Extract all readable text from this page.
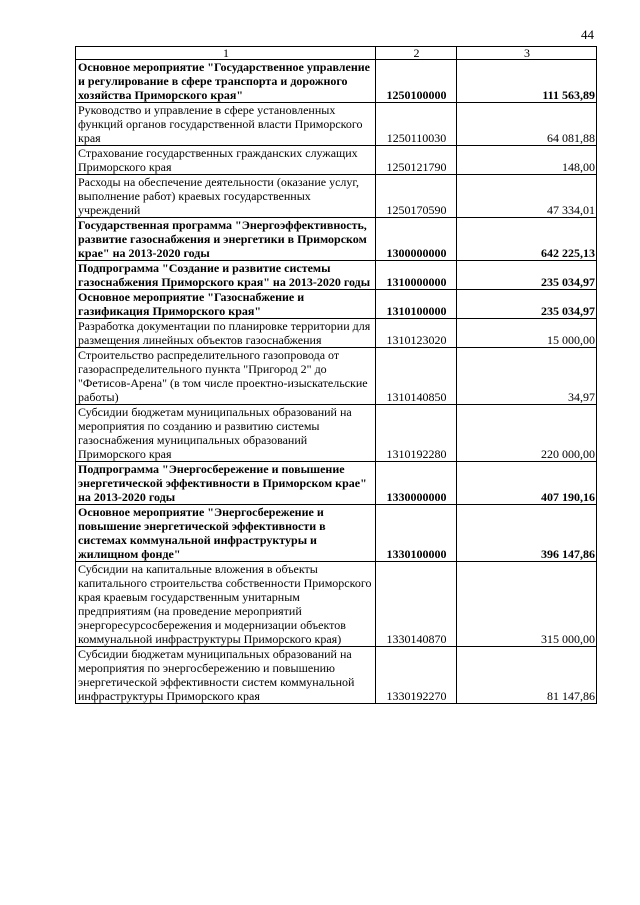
44
1	2	3
Основное мероприятие "Государственное управление и регулирование в сфере транспорта и дорожного хозяйства Приморского края"	1250100000	111 563,89
Руководство и управление в сфере установленных функций органов государственной власти Приморского края	1250110030	64 081,88
Страхование государственных гражданских служащих Приморского края	1250121790	148,00
Расходы на обеспечение деятельности (оказание услуг, выполнение работ) краевых государственных учреждений	1250170590	47 334,01
Государственная программа "Энергоэффективность, развитие газоснабжения и энергетики в Приморском крае" на 2013-2020 годы	1300000000	642 225,13
Подпрограмма "Создание и развитие системы газоснабжения Приморского края" на 2013-2020 годы	1310000000	235 034,97
Основное мероприятие "Газоснабжение и газификация Приморского края"	1310100000	235 034,97
Разработка документации по планировке территории для размещения линейных объектов газоснабжения	1310123020	15 000,00
Строительство распределительного газопровода от газораспределительного пункта "Пригород 2" до "Фетисов-Арена" (в том числе проектно-изыскательские работы)	1310140850	34,97
Субсидии бюджетам муниципальных образований на мероприятия по созданию и развитию системы газоснабжения муниципальных образований Приморского края	1310192280	220 000,00
Подпрограмма "Энергосбережение и повышение энергетической эффективности в Приморском крае" на 2013-2020 годы	1330000000	407 190,16
Основное мероприятие "Энергосбережение и повышение энергетической эффективности в системах коммунальной инфраструктуры и жилищном фонде"	1330100000	396 147,86
Субсидии на капитальные вложения в объекты капитального строительства собственности Приморского края краевым государственным унитарным предприятиям (на проведение мероприятий энергоресурсосбережения и модернизации объектов коммунальной инфраструктуры Приморского края)	1330140870	315 000,00
Субсидии бюджетам муниципальных образований на мероприятия по энергосбережению и повышению энергетической эффективности систем коммунальной инфраструктуры Приморского края	1330192270	81 147,86
